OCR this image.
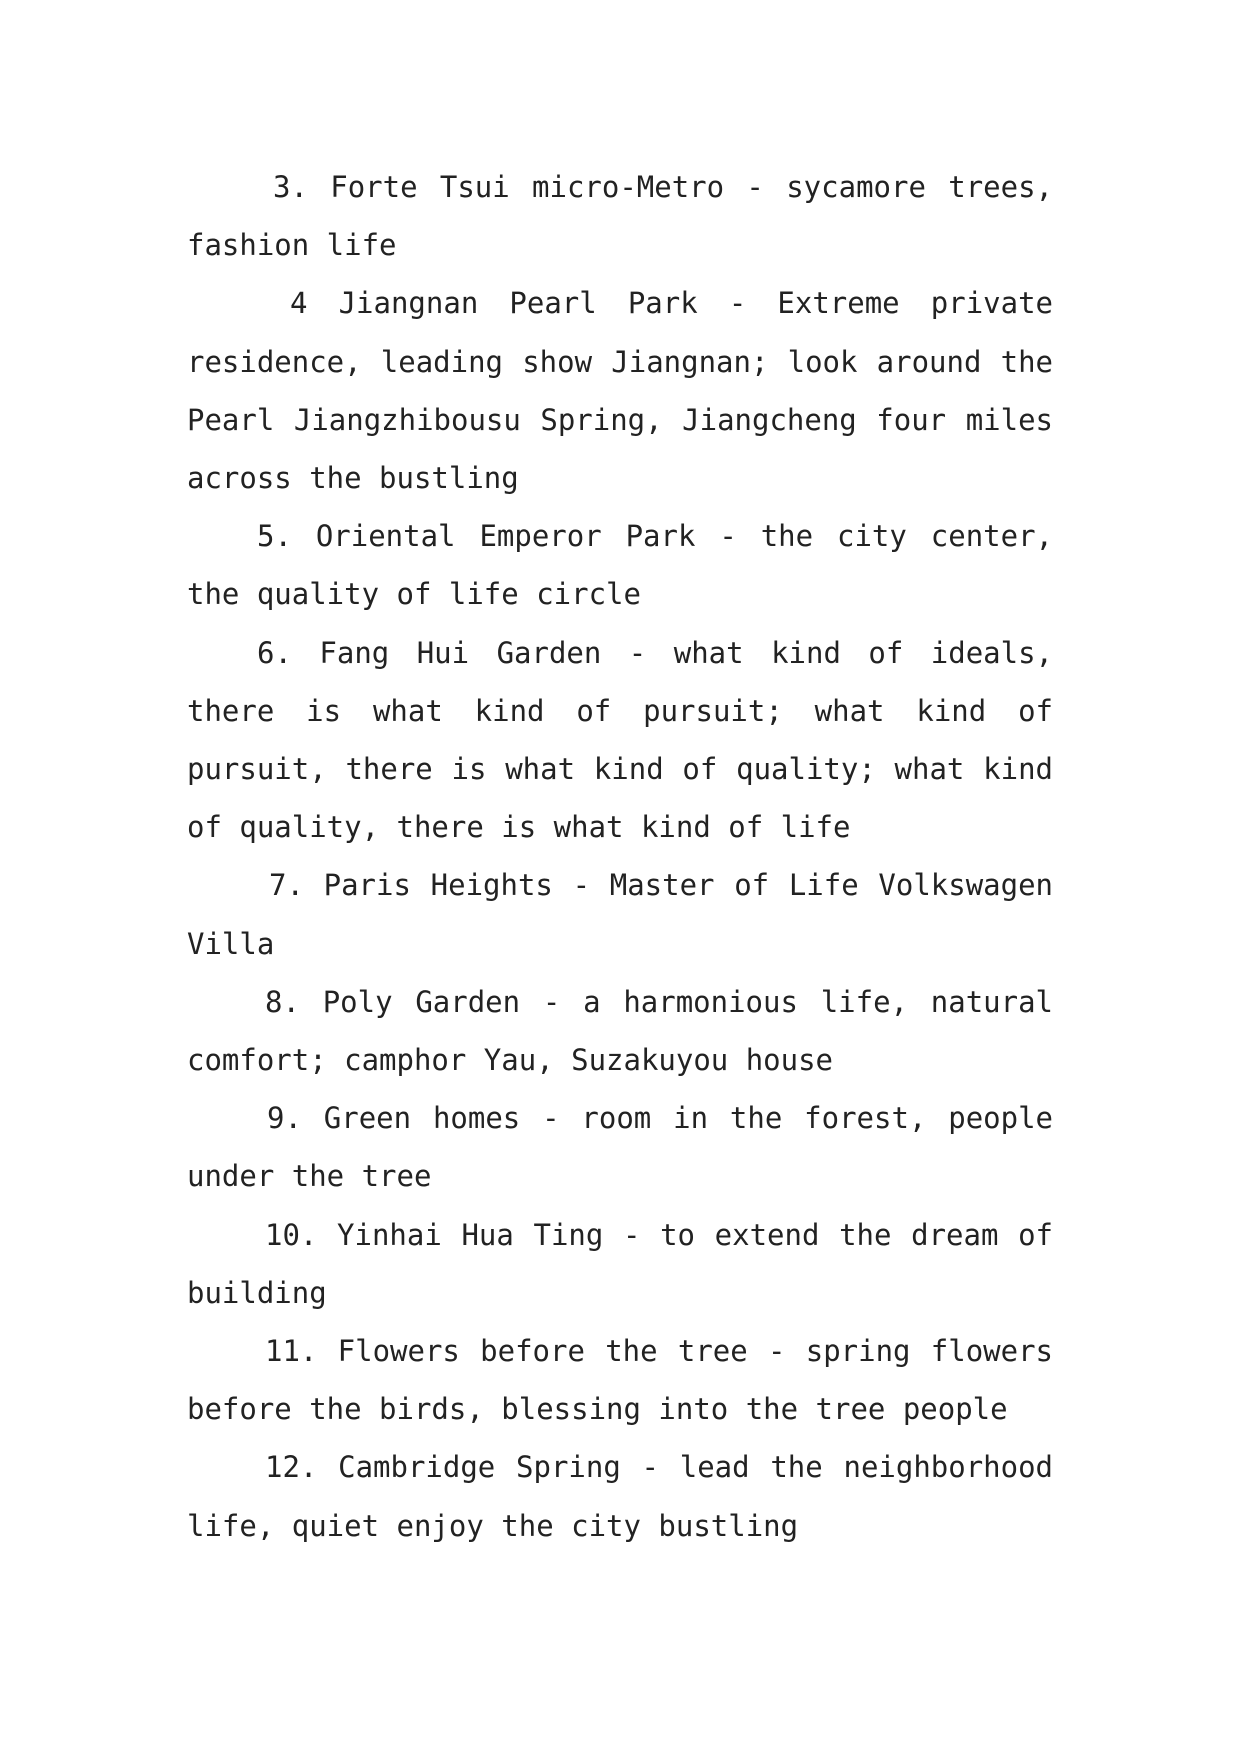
3. Forte Tsui micro-Metro - sycamore trees, fashion life

4 Jiangnan Pearl Park - Extreme private residence, leading show Jiangnan; look around the Pearl Jiangzhibousu Spring, Jiangcheng four miles across the bustling

5. Oriental Emperor Park - the city center, the quality of life circle

6. Fang Hui Garden - what kind of ideals, there is what kind of pursuit; what kind of pursuit, there is what kind of quality; what kind of quality, there is what kind of life

7. Paris Heights - Master of Life Volkswagen Villa

8. Poly Garden - a harmonious life, natural comfort; camphor Yau, Suzakuyou house

9. Green homes - room in the forest, people under the tree

10. Yinhai Hua Ting - to extend the dream of building

11. Flowers before the tree - spring flowers before the birds, blessing into the tree people

12. Cambridge Spring - lead the neighborhood life, quiet enjoy the city bustling
